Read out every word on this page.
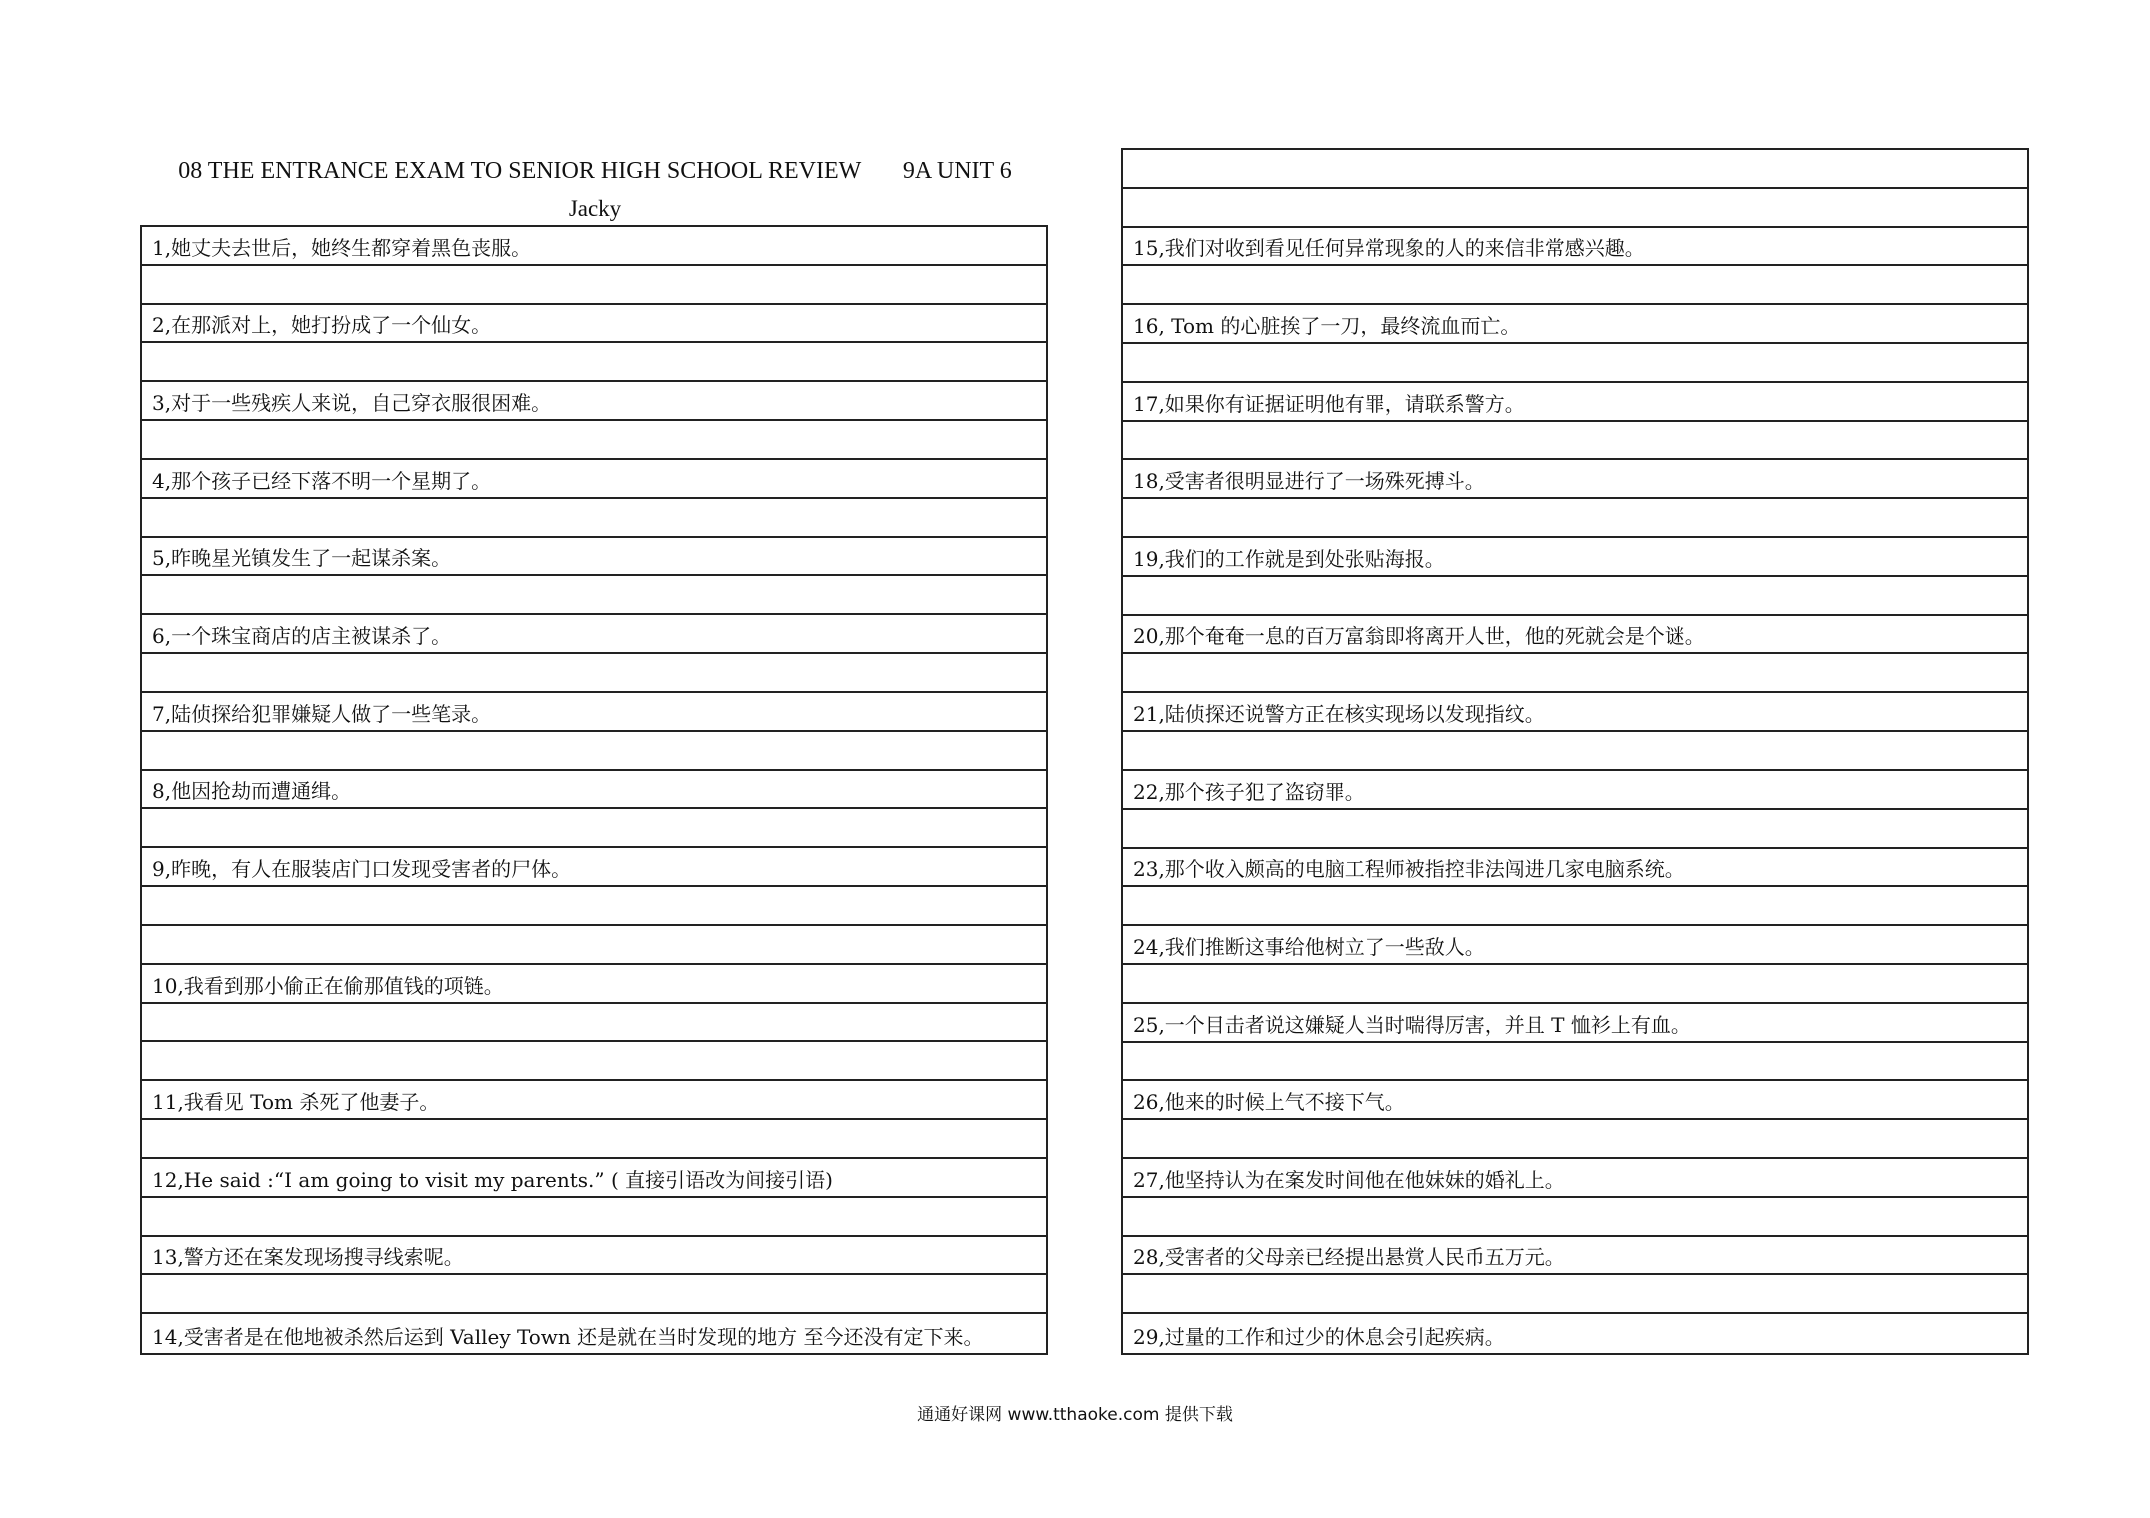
08 THE ENTRANCE EXAM TO SENIOR HIGH SCHOOL REVIEW       9A UNIT 6
Jacky
1,她丈夫去世后，她终生都穿着黑色丧服。
2,在那派对上，她打扮成了一个仙女。
3,对于一些残疾人来说，自己穿衣服很困难。
4,那个孩子已经下落不明一个星期了。
5,昨晚星光镇发生了一起谋杀案。
6,一个珠宝商店的店主被谋杀了。
7,陆侦探给犯罪嫌疑人做了一些笔录。
8,他因抢劫而遭通缉。
9,昨晚，有人在服装店门口发现受害者的尸体。
10,我看到那小偷正在偷那值钱的项链。
11,我看见 Tom 杀死了他妻子。
12,He said :“I am going to visit my parents.” ( 直接引语改为间接引语)
13,警方还在案发现场搜寻线索呢。
14,受害者是在他地被杀然后运到 Valley Town 还是就在当时发现的地方 至今还没有定下来。
15,我们对收到看见任何异常现象的人的来信非常感兴趣。
16, Tom 的心脏挨了一刀，最终流血而亡。
17,如果你有证据证明他有罪，请联系警方。
18,受害者很明显进行了一场殊死搏斗。
19,我们的工作就是到处张贴海报。
20,那个奄奄一息的百万富翁即将离开人世，他的死就会是个谜。
21,陆侦探还说警方正在核实现场以发现指纹。
22,那个孩子犯了盗窃罪。
23,那个收入颇高的电脑工程师被指控非法闯进几家电脑系统。
24,我们推断这事给他树立了一些敌人。
25,一个目击者说这嫌疑人当时喘得厉害，并且 T 恤衫上有血。
26,他来的时候上气不接下气。
27,他坚持认为在案发时间他在他妹妹的婚礼上。
28,受害者的父母亲已经提出悬赏人民币五万元。
29,过量的工作和过少的休息会引起疾病。
通通好课网 www.tthaoke.com 提供下载
